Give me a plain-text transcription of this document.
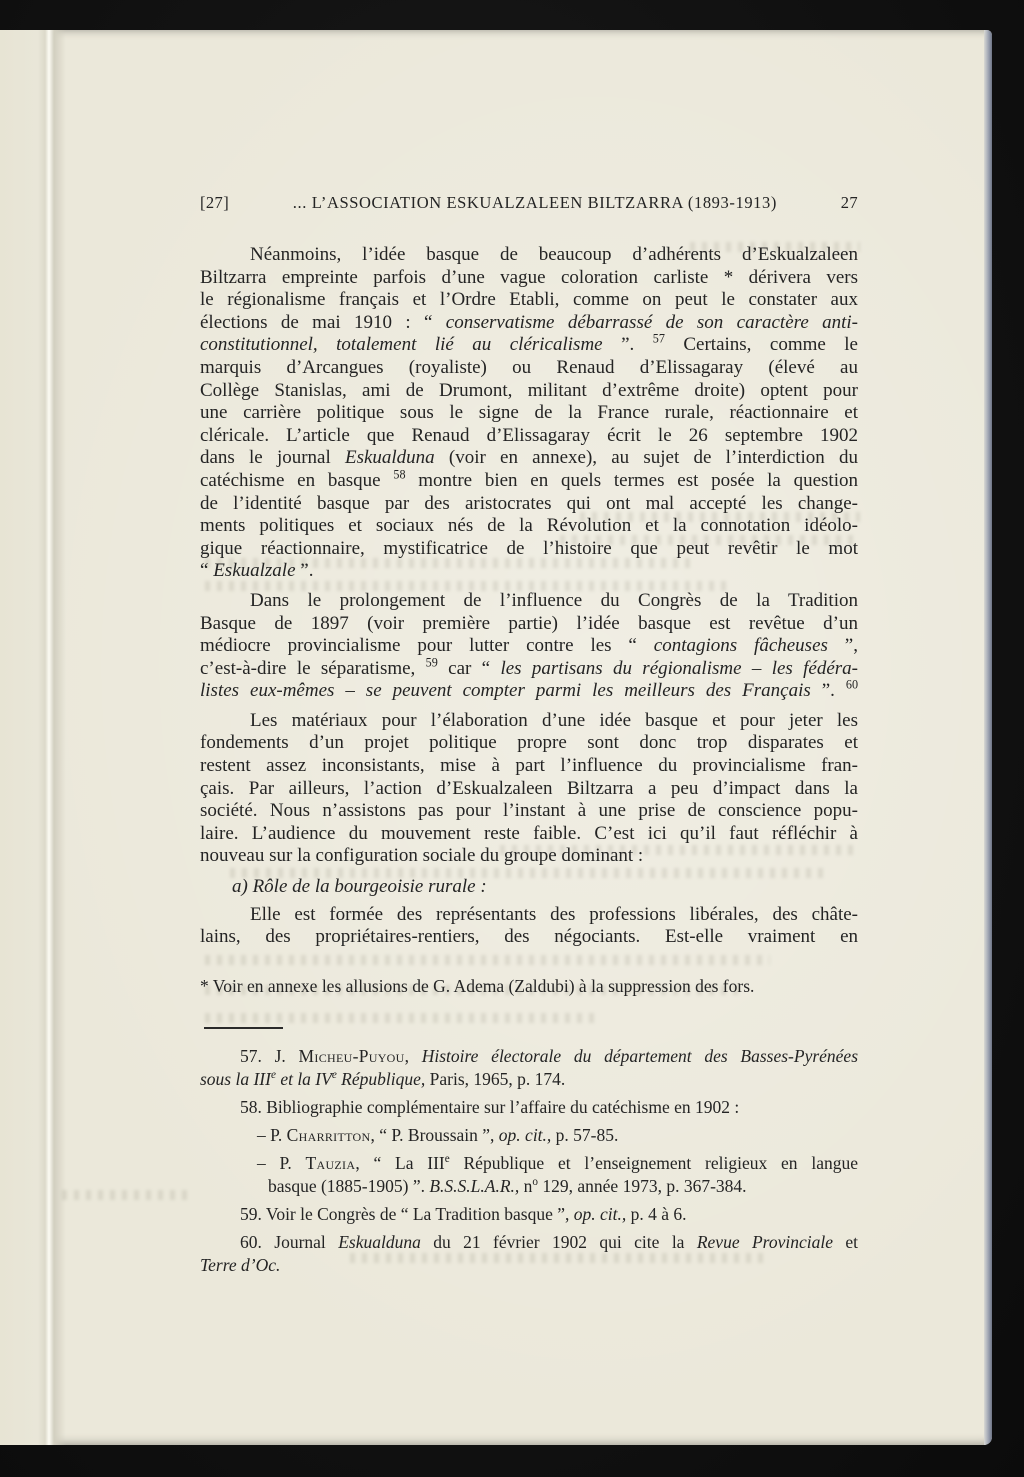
[27]	... L’ASSOCIATION ESKUALZALEEN BILTZARRA (1893-1913)	27
Néanmoins, l’idée basque de beaucoup d’adhérents d’Eskualzaleen
Biltzarra empreinte parfois d’une vague coloration carliste * dérivera vers
le régionalisme français et l’Ordre Etabli, comme on peut le constater aux
élections de mai 1910 : “ conservatisme débarrassé de son caractère anti-
constitutionnel, totalement lié au cléricalisme ”. $^{57}$ Certains, comme le
marquis d’Arcangues (royaliste) ou Renaud d’Elissagaray (élevé au
Collège Stanislas, ami de Drumont, militant d’extrême droite) optent pour
une carrière politique sous le signe de la France rurale, réactionnaire et
cléricale. L’article que Renaud d’Elissagaray écrit le 26 septembre 1902
dans le journal Eskualduna (voir en annexe), au sujet de l’interdiction du
catéchisme en basque $^{58}$ montre bien en quels termes est posée la question
de l’identité basque par des aristocrates qui ont mal accepté les change-
ments politiques et sociaux nés de la Révolution et la connotation idéolo-
gique réactionnaire, mystificatrice de l’histoire que peut revêtir le mot
“ Eskualzale ”.
Dans le prolongement de l’influence du Congrès de la Tradition
Basque de 1897 (voir première partie) l’idée basque est revêtue d’un
médiocre provincialisme pour lutter contre les “ contagions fâcheuses ”,
c’est-à-dire le séparatisme, $^{59}$ car “ les partisans du régionalisme – les fédéra-
listes eux-mêmes – se peuvent compter parmi les meilleurs des Français ”. $^{60}$
Les matériaux pour l’élaboration d’une idée basque et pour jeter les
fondements d’un projet politique propre sont donc trop disparates et
restent assez inconsistants, mise à part l’influence du provincialisme fran-
çais. Par ailleurs, l’action d’Eskualzaleen Biltzarra a peu d’impact dans la
société. Nous n’assistons pas pour l’instant à une prise de conscience popu-
laire. L’audience du mouvement reste faible. C’est ici qu’il faut réfléchir à
nouveau sur la configuration sociale du groupe dominant :
a) Rôle de la bourgeoisie rurale :
Elle est formée des représentants des professions libérales, des châte-
lains, des propriétaires-rentiers, des négociants. Est-elle vraiment en
* Voir en annexe les allusions de G. Adema (Zaldubi) à la suppression des fors.
57. J. Micheu-Puyou, Histoire électorale du département des Basses-Pyrénées
sous la IIIe et la IVe République, Paris, 1965, p. 174.
58. Bibliographie complémentaire sur l’affaire du catéchisme en 1902 :
– P. Charritton, “ P. Broussain ”, op. cit., p. 57-85.
– P. Tauzia, “ La IIIe République et l’enseignement religieux en langue
basque (1885-1905) ”. B.S.S.L.A.R., $n^o$ 129, année 1973, p. 367-384.
59. Voir le Congrès de “ La Tradition basque ”, op. cit., p. 4 à 6.
60. Journal Eskualduna du 21 février 1902 qui cite la Revue Provinciale et
Terre d’Oc.
